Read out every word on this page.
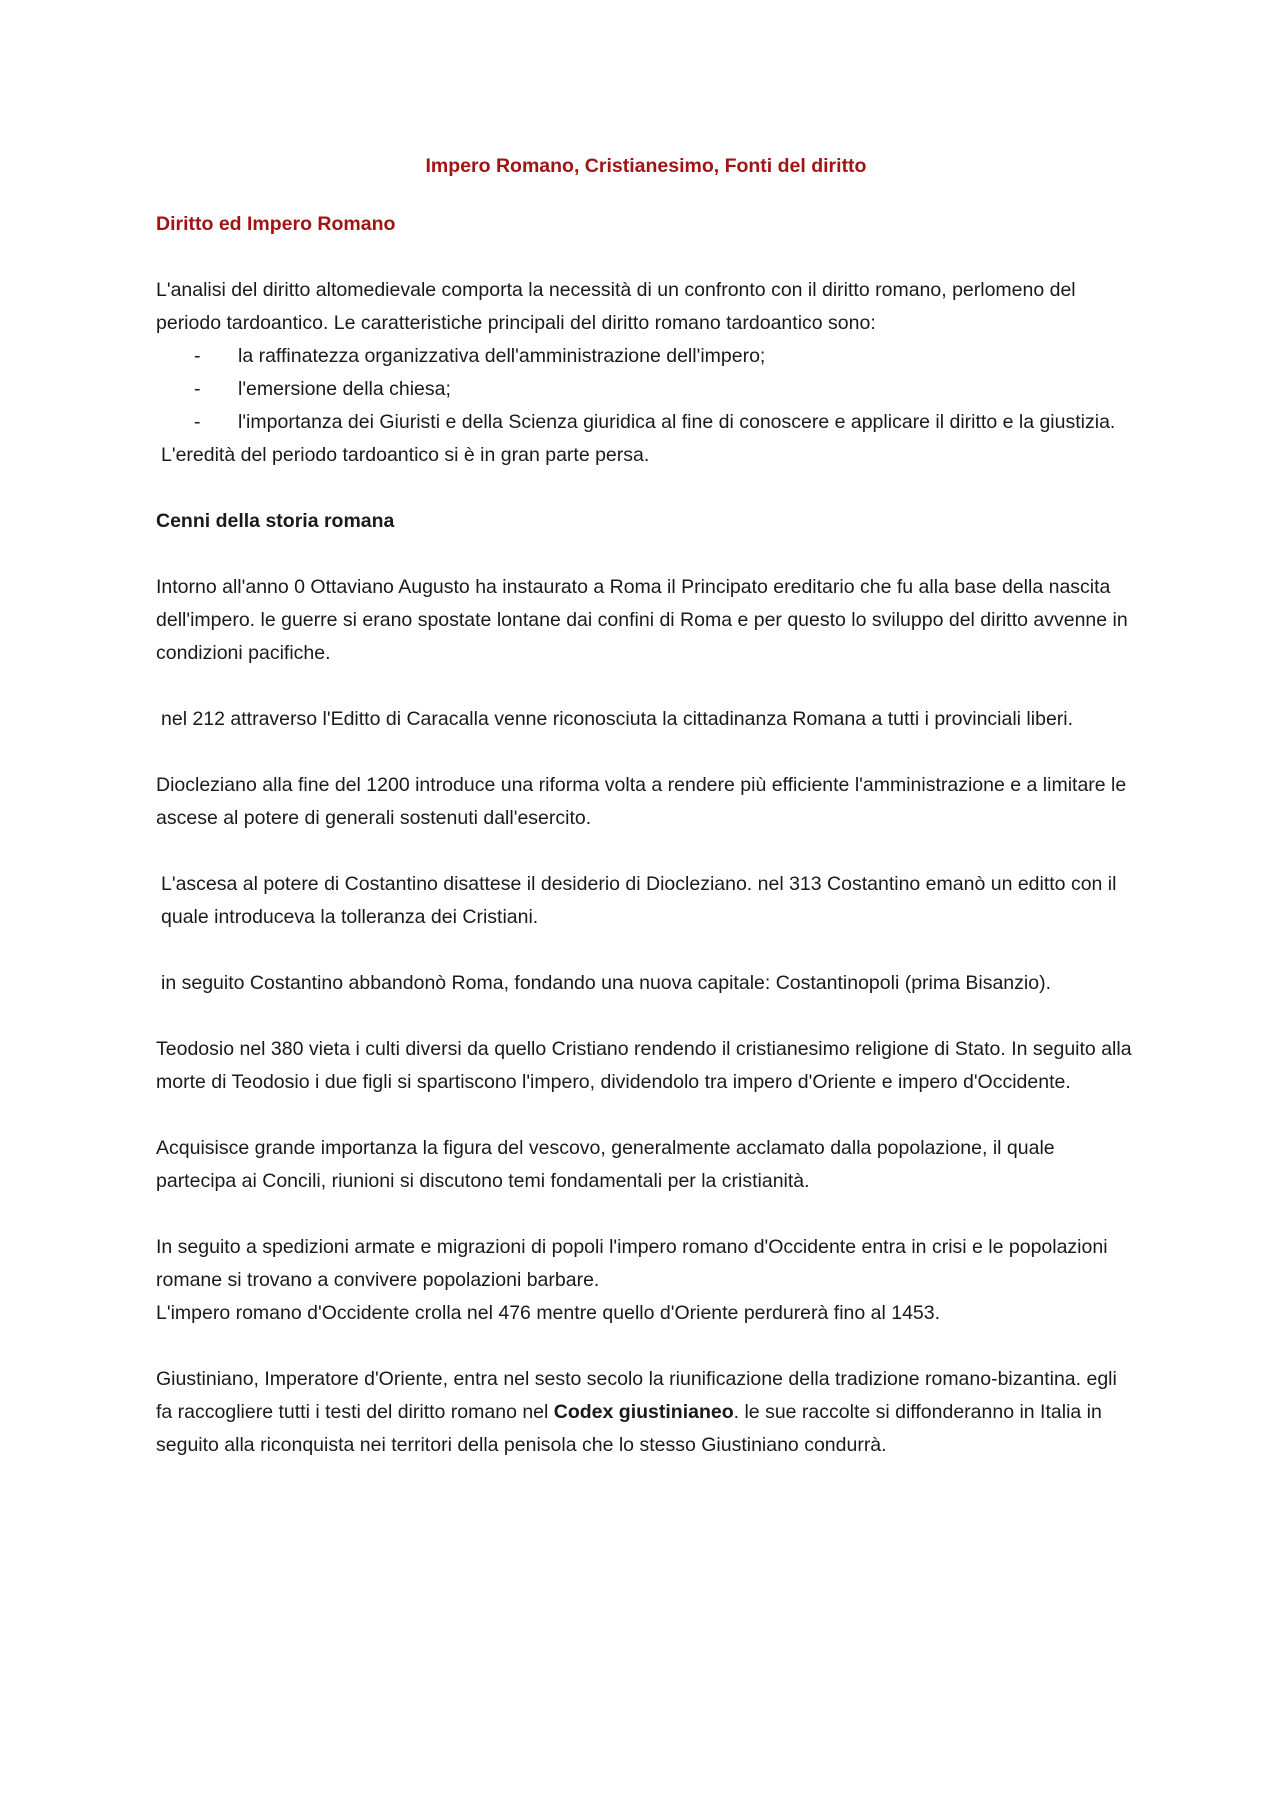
Impero Romano, Cristianesimo, Fonti del diritto
Diritto ed Impero Romano
L'analisi del diritto altomedievale comporta la necessità di un confronto con il diritto romano, perlomeno del periodo tardoantico. Le caratteristiche principali del diritto romano tardoantico sono:
- la raffinatezza organizzativa dell'amministrazione dell'impero;
- l'emersione della chiesa;
- l'importanza dei Giuristi e della Scienza giuridica al fine di conoscere e applicare il diritto e la giustizia.
L'eredità del periodo tardoantico si è in gran parte persa.
Cenni della storia romana
Intorno all'anno 0 Ottaviano Augusto ha instaurato a Roma il Principato ereditario che fu alla base della nascita dell'impero. le guerre si erano spostate lontane dai confini di Roma e per questo lo sviluppo del diritto avvenne in condizioni pacifiche.
nel 212 attraverso l'Editto di Caracalla venne riconosciuta la cittadinanza Romana a tutti i provinciali liberi.
Diocleziano alla fine del 1200 introduce una riforma volta a rendere più efficiente l'amministrazione e a limitare le ascese al potere di generali sostenuti dall'esercito.
L'ascesa al potere di Costantino disattese il desiderio di Diocleziano. nel 313 Costantino emanò un editto con il quale introduceva la tolleranza dei Cristiani.
in seguito Costantino abbandonò Roma, fondando una nuova capitale: Costantinopoli (prima Bisanzio).
Teodosio nel 380 vieta i culti diversi da quello Cristiano rendendo il cristianesimo religione di Stato. In seguito alla morte di Teodosio i due figli si spartiscono l'impero, dividendolo tra impero d'Oriente e impero d'Occidente.
Acquisisce grande importanza la figura del vescovo, generalmente acclamato dalla popolazione, il quale partecipa ai Concili, riunioni si discutono temi fondamentali per la cristianità.
In seguito a spedizioni armate e migrazioni di popoli l'impero romano d'Occidente entra in crisi e le popolazioni romane si trovano a convivere popolazioni barbare.
L'impero romano d'Occidente crolla nel 476 mentre quello d'Oriente perdurerà fino al 1453.
Giustiniano, Imperatore d'Oriente, entra nel sesto secolo la riunificazione della tradizione romano-bizantina. egli fa raccogliere tutti i testi del diritto romano nel Codex giustinianeo. le sue raccolte si diffonderanno in Italia in seguito alla riconquista nei territori della penisola che lo stesso Giustiniano condurrà.
